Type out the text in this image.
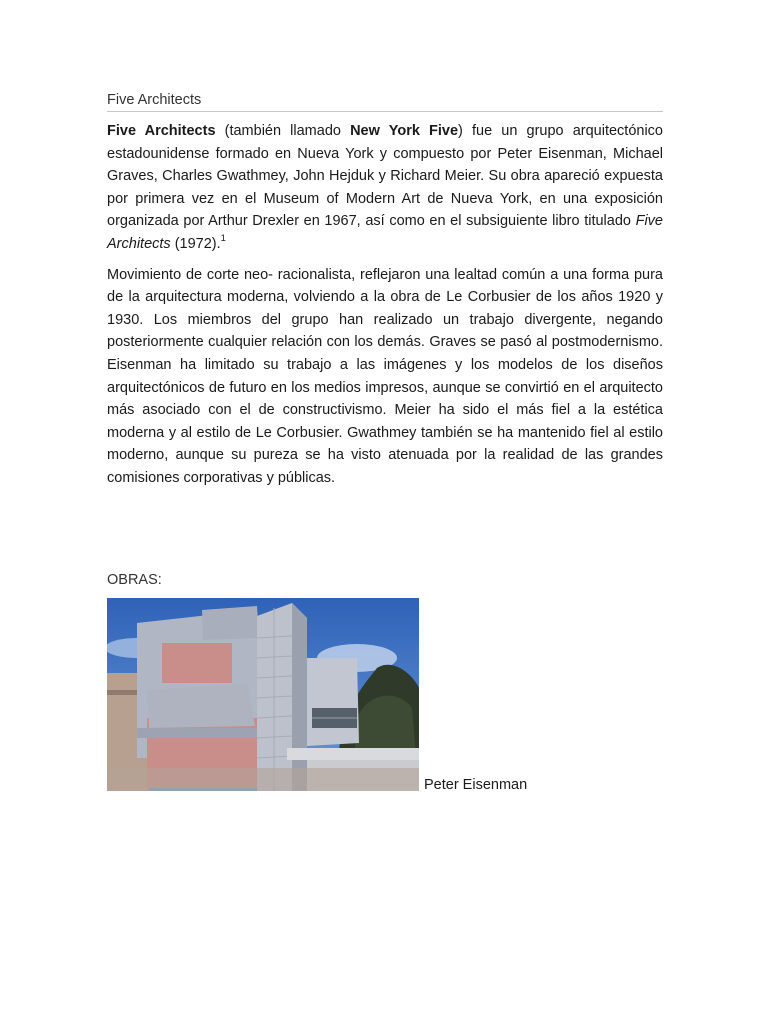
Five Architects

Five Architects (también llamado New York Five) fue un grupo arquitectónico estadounidense formado en Nueva York y compuesto por Peter Eisenman, Michael Graves, Charles Gwathmey, John Hejduk y Richard Meier. Su obra apareció expuesta por primera vez en el Museum of Modern Art de Nueva York, en una exposición organizada por Arthur Drexler en 1967, así como en el subsiguiente libro titulado Five Architects (1972).$^1$

Movimiento de corte neo- racionalista, reflejaron una lealtad común a una forma pura de la arquitectura moderna, volviendo a la obra de Le Corbusier de los años 1920 y 1930. Los miembros del grupo han realizado un trabajo divergente, negando posteriormente cualquier relación con los demás. Graves se pasó al postmodernismo. Eisenman ha limitado su trabajo a las imágenes y los modelos de los diseños arquitectónicos de futuro en los medios impresos, aunque se convirtió en el arquitecto más asociado con el de constructivismo. Meier ha sido el más fiel a la estética moderna y al estilo de Le Corbusier. Gwathmey también se ha mantenido fiel al estilo moderno, aunque su pureza se ha visto atenuada por la realidad de las grandes comisiones corporativas y públicas.

OBRAS:
Peter Eisenman
